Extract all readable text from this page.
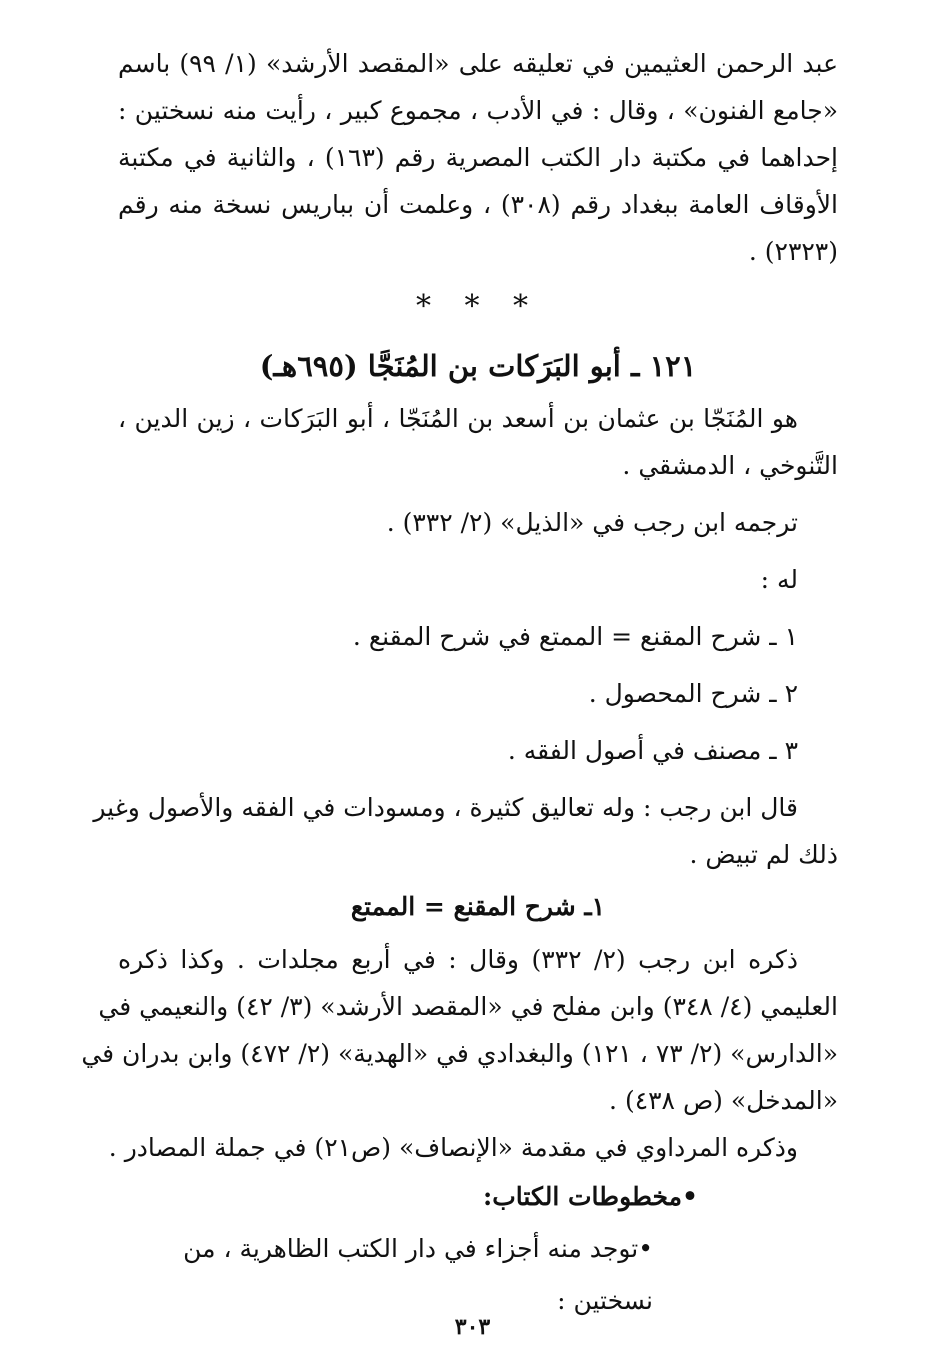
عبد الرحمن العثيمين في تعليقه على «المقصد الأرشد» (١/ ٩٩) باسم
«جامع الفنون» ، وقال : في الأدب ، مجموع كبير ، رأيت منه نسختين :
إحداهما في مكتبة دار الكتب المصرية رقم (١٦٣) ، والثانية في مكتبة
الأوقاف العامة ببغداد رقم (٣٠٨) ، وعلمت أن بباريس نسخة منه رقم
(٢٣٢٣) .
* * *
١٢١ ـ أبو البَرَكات بن المُنَجَّا (٦٩٥هـ)
هو المُنَجّا بن عثمان بن أسعد بن المُنَجّا ، أبو البَرَكات ، زين الدين ،
التَّنوخي ، الدمشقي .
ترجمه ابن رجب في «الذيل» (٢/ ٣٣٢) .
له :
١ ـ شرح المقنع = الممتع في شرح المقنع .
٢ ـ شرح المحصول .
٣ ـ مصنف في أصول الفقه .
قال ابن رجب : وله تعاليق كثيرة ، ومسودات في الفقه والأصول وغير
ذلك لم تبيض .
١ـ شرح المقنع = الممتع
ذكره ابن رجب (٢/ ٣٣٢) وقال : في أربع مجلدات . وكذا ذكره
العليمي (٤/ ٣٤٨) وابن مفلح في «المقصد الأرشد» (٣/ ٤٢) والنعيمي في
«الدارس» (٢/ ٧٣ ، ١٢١) والبغدادي في «الهدية» (٢/ ٤٧٢) وابن بدران في
«المدخل» (ص ٤٣٨) .
وذكره المرداوي في مقدمة «الإنصاف» (ص٢١) في جملة المصادر .
•مخطوطات الكتاب:
•توجد منه أجزاء في دار الكتب الظاهرية ، من نسختين :
٣٠٣
